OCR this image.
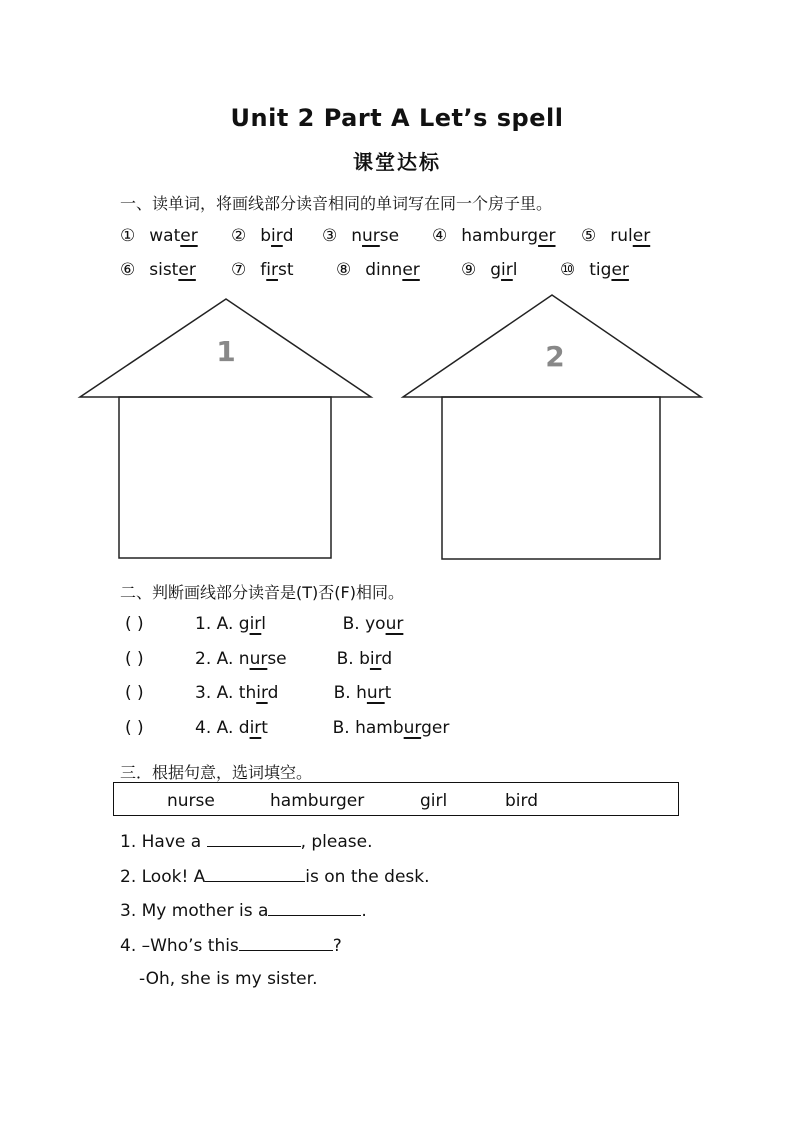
Unit 2 Part A Let’s spell
课堂达标
一、读单词，将画线部分读音相同的单词写在同一个房子里。
① wat er ② b ir d ③ n ur se ④ hamburg er ⑤ rul er
⑥ sist er ⑦ f ir st	⑧ dinn er ⑨ g ir l	⑩ tig er
1	2
二、判断画线部分读音是(T)否(F)相同。
( )	1. A. girl	B. your
( )	2. A. nurse	B. bird
( )	3. A. third	B. hurt
( )	4. A. dirt	B. hamburger
三．根据句意，选词填空。
nurse	hamburger	girl	bird
1. Have a	, please.
2. Look! A	is on the desk.
3. My mother is a	.
4. –Who’s this	?
-Oh, she is my sister.
